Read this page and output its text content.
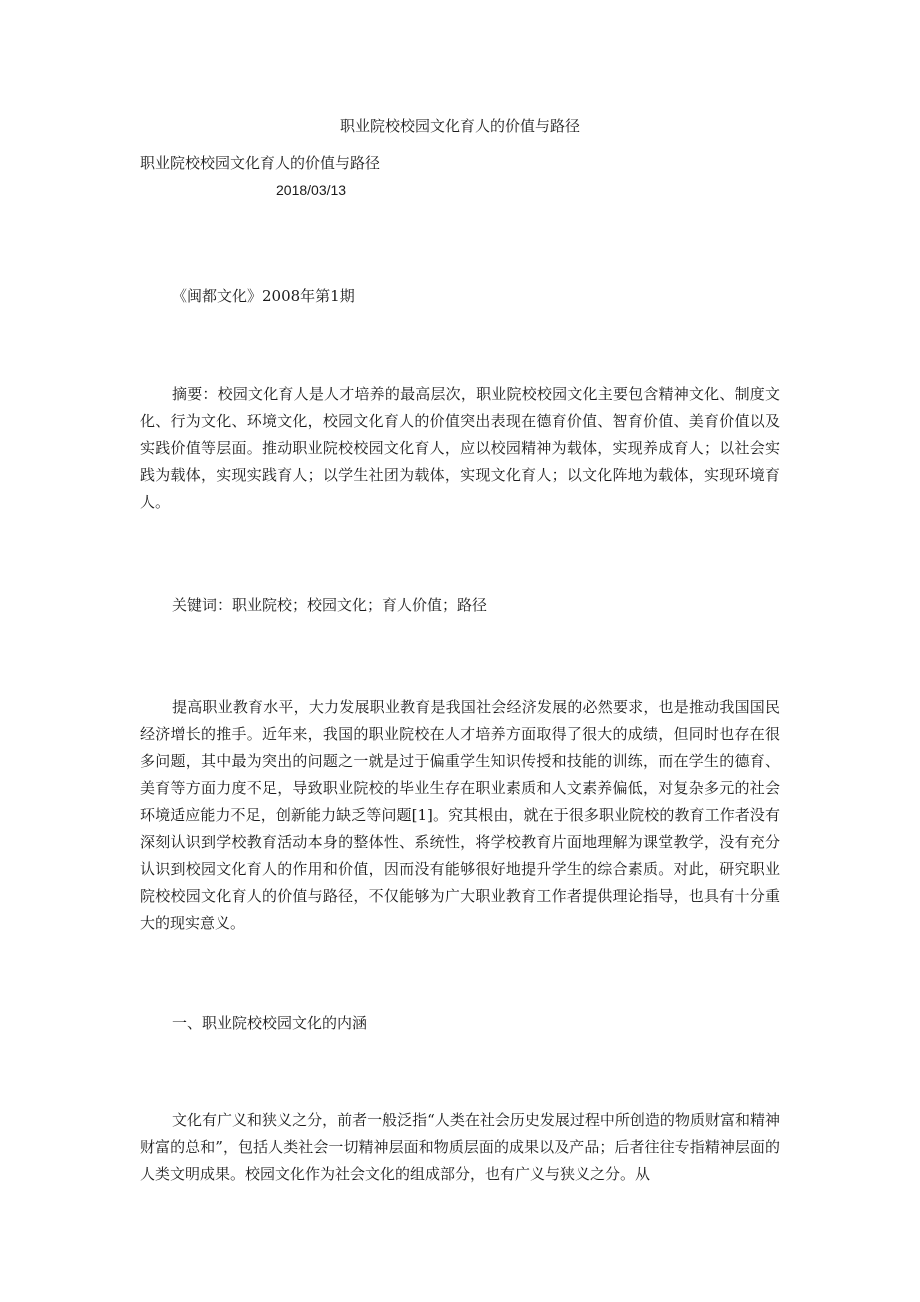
职业院校校园文化育人的价值与路径
职业院校校园文化育人的价值与路径
2018/03/13
《闽都文化》2008年第1期

摘要：校园文化育人是人才培养的最高层次，职业院校校园文化主要包含精神文化、制度文化、行为文化、环境文化，校园文化育人的价值突出表现在德育价值、智育价值、美育价值以及实践价值等层面。推动职业院校校园文化育人，应以校园精神为载体，实现养成育人；以社会实践为载体，实现实践育人；以学生社团为载体，实现文化育人；以文化阵地为载体，实现环境育人。

关键词：职业院校；校园文化；育人价值；路径

提高职业教育水平，大力发展职业教育是我国社会经济发展的必然要求，也是推动我国国民经济增长的推手。近年来，我国的职业院校在人才培养方面取得了很大的成绩，但同时也存在很多问题，其中最为突出的问题之一就是过于偏重学生知识传授和技能的训练，而在学生的德育、美育等方面力度不足，导致职业院校的毕业生存在职业素质和人文素养偏低，对复杂多元的社会环境适应能力不足，创新能力缺乏等问题[1]。究其根由，就在于很多职业院校的教育工作者没有深刻认识到学校教育活动本身的整体性、系统性，将学校教育片面地理解为课堂教学，没有充分认识到校园文化育人的作用和价值，因而没有能够很好地提升学生的综合素质。对此，研究职业院校校园文化育人的价值与路径，不仅能够为广大职业教育工作者提供理论指导，也具有十分重大的现实意义。

一、职业院校校园文化的内涵

文化有广义和狭义之分，前者一般泛指“人类在社会历史发展过程中所创造的物质财富和精神财富的总和”，包括人类社会一切精神层面和物质层面的成果以及产品；后者往往专指精神层面的人类文明成果。校园文化作为社会文化的组成部分，也有广义与狭义之分。从
